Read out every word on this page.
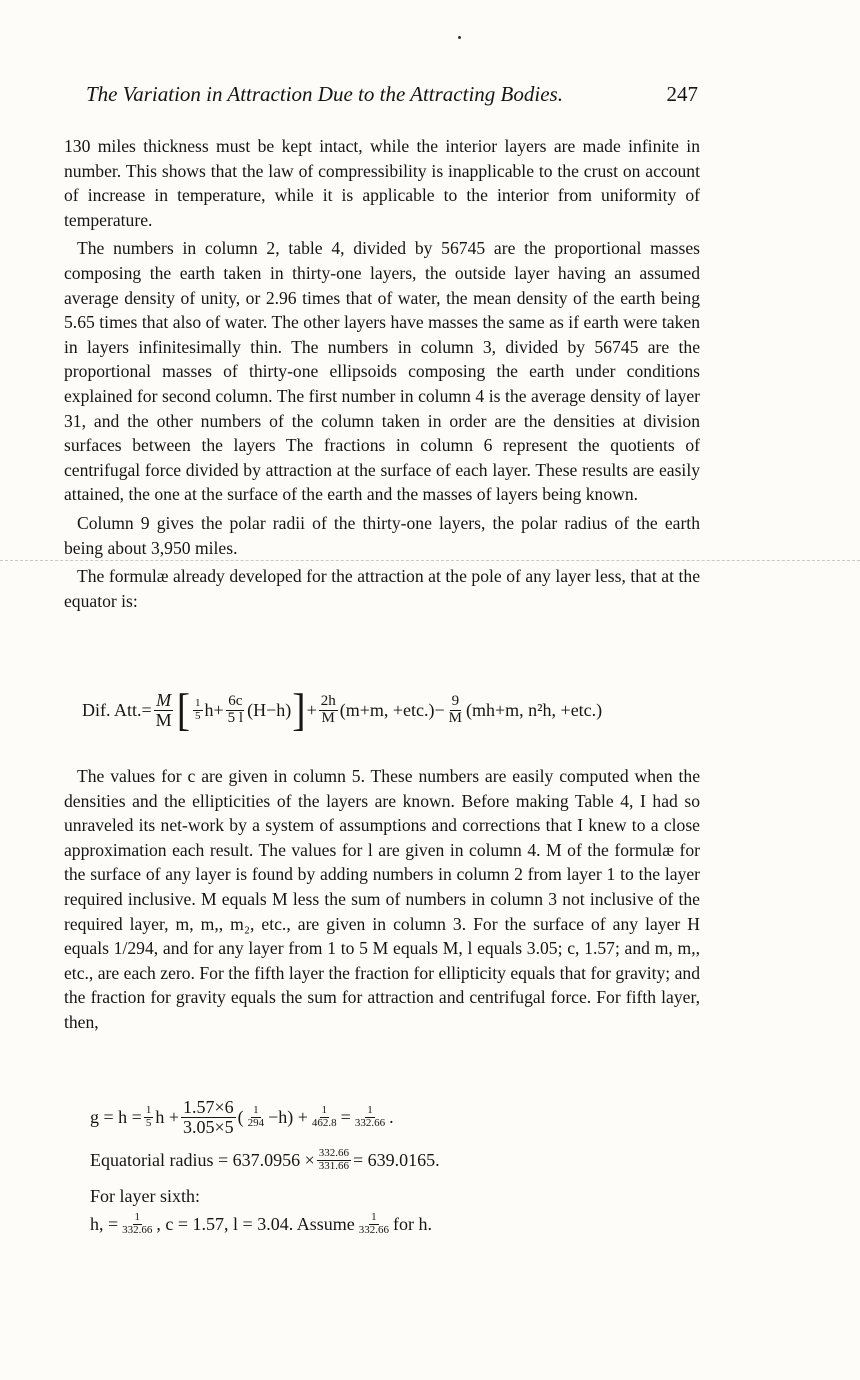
The Variation in Attraction Due to the Attracting Bodies.	247

130 miles thickness must be kept intact, while the interior layers are made infinite in number. This shows that the law of compressibility is inapplicable to the crust on account of increase in temperature, while it is applicable to the interior from uniformity of temperature.

The numbers in column 2, table 4, divided by 56745 are the proportional masses composing the earth taken in thirty-one layers, the outside layer having an assumed average density of unity, or 2.96 times that of water, the mean density of the earth being 5.65 times that also of water. The other layers have masses the same as if earth were taken in layers infinitesimally thin. The numbers in column 3, divided by 56745 are the proportional masses of thirty-one ellipsoids composing the earth under conditions explained for second column. The first number in column 4 is the average density of layer 31, and the other numbers of the column taken in order are the densities at division surfaces between the layers The fractions in column 6 represent the quotients of centrifugal force divided by attraction at the surface of each layer. These results are easily attained, the one at the surface of the earth and the masses of layers being known.

Column 9 gives the polar radii of the thirty-one layers, the polar radius of the earth being about 3,950 miles.

The formulæ already developed for the attraction at the pole of any layer less, that at the equator is:

Dif. Att. = $\frac{M}{M}$ [ $\frac{1}{5}$ $h + \frac{6c}{5 l} (H-h)$ ] + $\frac{2h}{M} (m+m$, $+etc.)- \frac{9}{M} (mh+m$, n²h, +etc.)

The values for c are given in column 5. These numbers are easily computed when the densities and the ellipticities of the layers are known. Before making Table 4, I had so unraveled its net-work by a system of assumptions and corrections that I knew to a close approximation each result. The values for l are given in column 4. M of the formulæ for the surface of any layer is found by adding numbers in column 2 from layer 1 to the layer required inclusive. M equals M less the sum of numbers in column 3 not inclusive of the required layer, m, m,, m₂, etc., are given in column 3. For the surface of any layer H equals 1/294, and for any layer from 1 to 5 M equals M, l equals 3.05; c, 1.57; and m, m,, etc., are each zero. For the fifth layer the fraction for ellipticity equals that for gravity; and the fraction for gravity equals the sum for attraction and centrifugal force. For fifth layer, then,

$g = h = \frac{1}{5}$ $h + \frac{1.57\times 6}{3.05\times 5}$ ( $\frac{1}{294} -h) + \frac{1}{462.8} = \frac{1}{332.66}$ .
Equatorial radius = $637.0956 \times \frac{332.66}{331.66} = 639.0165$.
For layer sixth:
h, = $\frac{1}{332.66}$ , c = 1.57, l = 3.04. Assume $\frac{1}{332.66}$ for h.
